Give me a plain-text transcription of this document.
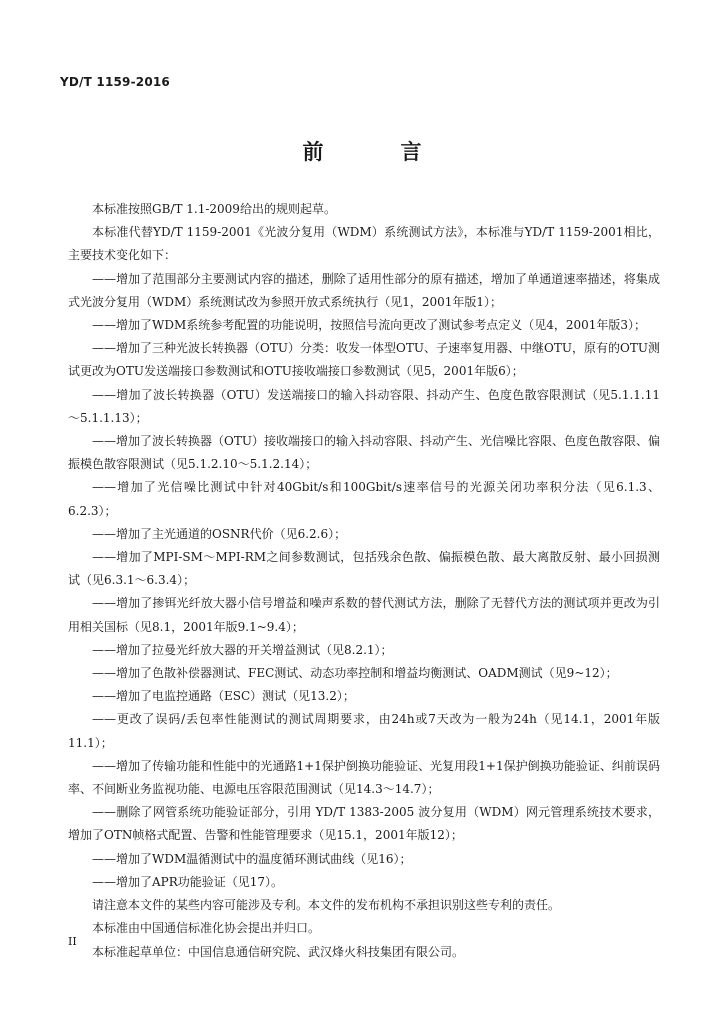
YD/T 1159-2016
前　言

本标准按照GB/T 1.1-2009给出的规则起草。

本标准代替YD/T 1159-2001《光波分复用（WDM）系统测试方法》，本标准与YD/T 1159-2001相比，主要技术变化如下：

——增加了范围部分主要测试内容的描述，删除了适用性部分的原有描述，增加了单通道速率描述，将集成式光波分复用（WDM）系统测试改为参照开放式系统执行（见1，2001年版1）；

——增加了WDM系统参考配置的功能说明，按照信号流向更改了测试参考点定义（见4，2001年版3）；

——增加了三种光波长转换器（OTU）分类：收发一体型OTU、子速率复用器、中继OTU，原有的OTU测试更改为OTU发送端接口参数测试和OTU接收端接口参数测试（见5，2001年版6）；

——增加了波长转换器（OTU）发送端接口的输入抖动容限、抖动产生、色度色散容限测试（见5.1.1.11～5.1.1.13）；

——增加了波长转换器（OTU）接收端接口的输入抖动容限、抖动产生、光信噪比容限、色度色散容限、偏振模色散容限测试（见5.1.2.10～5.1.2.14）；

——增加了光信噪比测试中针对40Gbit/s和100Gbit/s速率信号的光源关闭功率积分法（见6.1.3、6.2.3）；

——增加了主光通道的OSNR代价（见6.2.6）；

——增加了MPI-SM～MPI-RM之间参数测试，包括残余色散、偏振模色散、最大离散反射、最小回损测试（见6.3.1～6.3.4）；

——增加了掺铒光纤放大器小信号增益和噪声系数的替代测试方法，删除了无替代方法的测试项并更改为引用相关国标（见8.1，2001年版9.1~9.4）；

——增加了拉曼光纤放大器的开关增益测试（见8.2.1）；

——增加了色散补偿器测试、FEC测试、动态功率控制和增益均衡测试、OADM测试（见9~12）；

——增加了电监控通路（ESC）测试（见13.2）；

——更改了误码/丢包率性能测试的测试周期要求，由24h或7天改为一般为24h（见14.1，2001年版11.1）；

——增加了传输功能和性能中的光通路1+1保护倒换功能验证、光复用段1+1保护倒换功能验证、纠前误码率、不间断业务监视功能、电源电压容限范围测试（见14.3～14.7）；

——删除了网管系统功能验证部分，引用 YD/T 1383-2005 波分复用（WDM）网元管理系统技术要求，增加了OTN帧格式配置、告警和性能管理要求（见15.1，2001年版12）；

——增加了WDM温循测试中的温度循环测试曲线（见16）；

——增加了APR功能验证（见17）。

请注意本文件的某些内容可能涉及专利。本文件的发布机构不承担识别这些专利的责任。

本标准由中国通信标准化协会提出并归口。

本标准起草单位：中国信息通信研究院、武汉烽火科技集团有限公司。

II
